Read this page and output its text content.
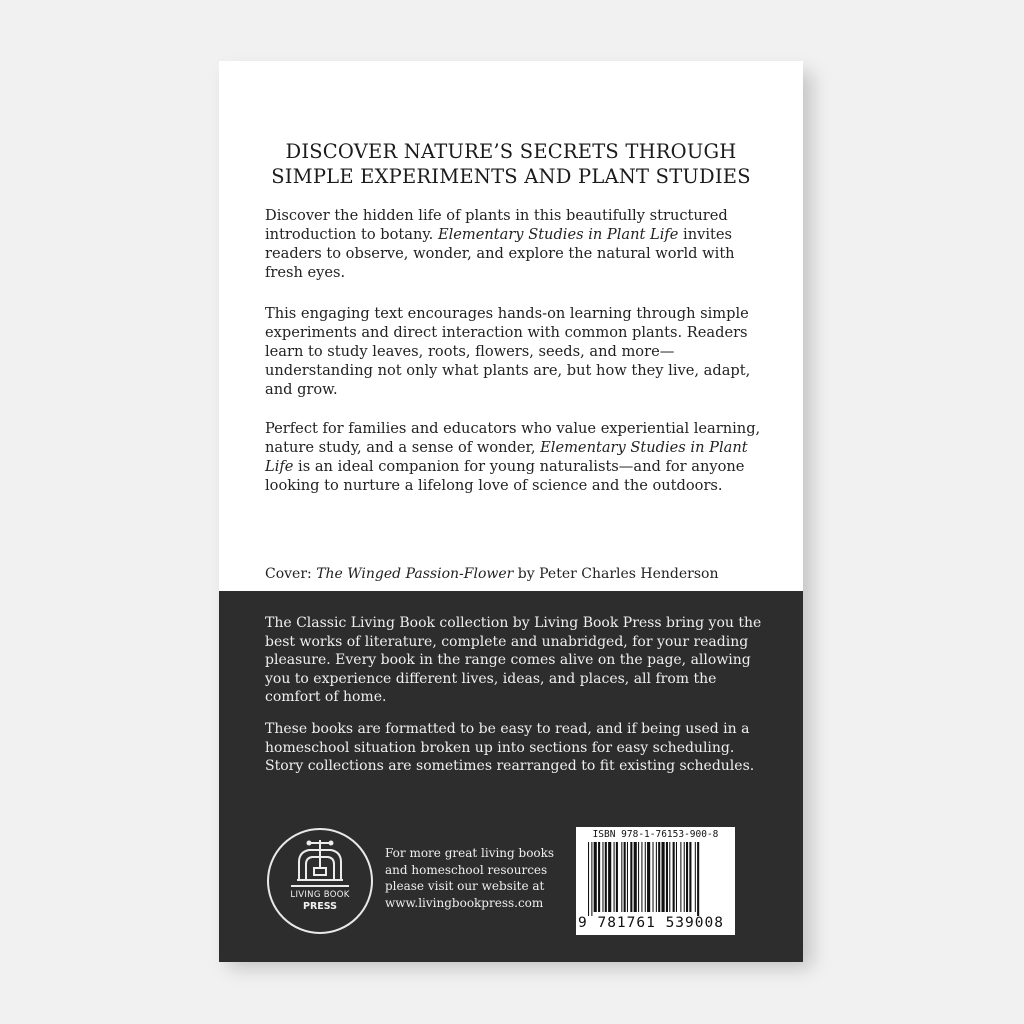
DISCOVER NATURE’S SECRETS THROUGH
SIMPLE EXPERIMENTS AND PLANT STUDIES

Discover the hidden life of plants in this beautifully structured introduction to botany. Elementary Studies in Plant Life invites readers to observe, wonder, and explore the natural world with fresh eyes.

This engaging text encourages hands-on learning through simple experiments and direct interaction with common plants. Readers learn to study leaves, roots, flowers, seeds, and more—understanding not only what plants are, but how they live, adapt, and grow.

Perfect for families and educators who value experiential learning, nature study, and a sense of wonder, Elementary Studies in Plant Life is an ideal companion for young naturalists—and for anyone looking to nurture a lifelong love of science and the outdoors.

Cover: The Winged Passion-Flower by Peter Charles Henderson

The Classic Living Book collection by Living Book Press bring you the best works of literature, complete and unabridged, for your reading pleasure. Every book in the range comes alive on the page, allowing you to experience different lives, ideas, and places, all from the comfort of home.

These books are formatted to be easy to read, and if being used in a homeschool situation broken up into sections for easy scheduling. Story collections are sometimes rearranged to fit existing schedules.

LIVING BOOK
PRESS
For more great living books
and homeschool resources
please visit our website at
www.livingbookpress.com
ISBN 978-1-76153-900-8
9 781761 539008
